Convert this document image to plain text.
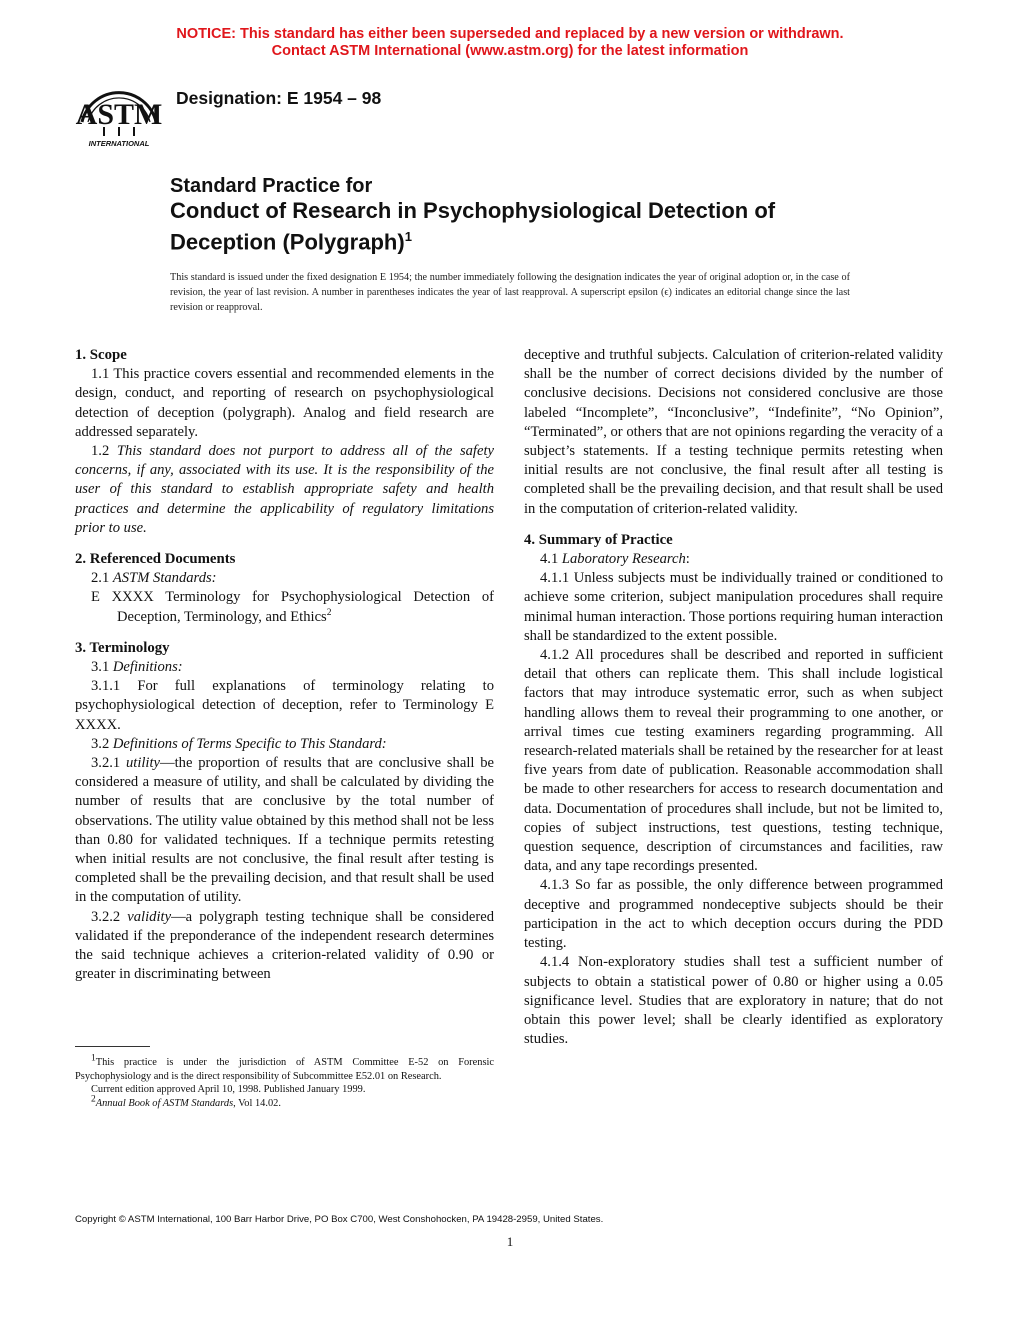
NOTICE: This standard has either been superseded and replaced by a new version or withdrawn.
Contact ASTM International (www.astm.org) for the latest information
ASTM
INTERNATIONAL
Designation: E 1954 – 98
Standard Practice for
Conduct of Research in Psychophysiological Detection of
Deception (Polygraph)$^1$
This standard is issued under the fixed designation E 1954; the number immediately following the designation indicates the year of original adoption or, in the case of revision, the year of last revision. A number in parentheses indicates the year of last reapproval. A superscript epsilon (ϵ) indicates an editorial change since the last revision or reapproval.
1. Scope

1.1 This practice covers essential and recommended elements in the design, conduct, and reporting of research on psychophysiological detection of deception (polygraph). Analog and field research are addressed separately.

1.2 This standard does not purport to address all of the safety concerns, if any, associated with its use. It is the responsibility of the user of this standard to establish appropriate safety and health practices and determine the applicability of regulatory limitations prior to use.

2. Referenced Documents

2.1 ASTM Standards:

E XXXX Terminology for Psychophysiological Detection of Deception, Terminology, and Ethics$^2$

3. Terminology

3.1 Definitions:

3.1.1 For full explanations of terminology relating to psychophysiological detection of deception, refer to Terminology E XXXX.

3.2 Definitions of Terms Specific to This Standard:

3.2.1 utility—the proportion of results that are conclusive shall be considered a measure of utility, and shall be calculated by dividing the number of results that are conclusive by the total number of observations. The utility value obtained by this method shall not be less than 0.80 for validated techniques. If a technique permits retesting when initial results are not conclusive, the final result after testing is completed shall be the prevailing decision, and that result shall be used in the computation of utility.

3.2.2 validity—a polygraph testing technique shall be considered validated if the preponderance of the independent research determines the said technique achieves a criterion-related validity of 0.90 or greater in discriminating between

deceptive and truthful subjects. Calculation of criterion-related validity shall be the number of correct decisions divided by the number of conclusive decisions. Decisions not considered conclusive are those labeled “Incomplete”, “Inconclusive”, “Indefinite”, “No Opinion”, “Terminated”, or others that are not opinions regarding the veracity of a subject’s statements. If a testing technique permits retesting when initial results are not conclusive, the final result after all testing is completed shall be the prevailing decision, and that result shall be used in the computation of criterion-related validity.

4. Summary of Practice

4.1 Laboratory Research:

4.1.1 Unless subjects must be individually trained or conditioned to achieve some criterion, subject manipulation procedures shall require minimal human interaction. Those portions requiring human interaction shall be standardized to the extent possible.

4.1.2 All procedures shall be described and reported in sufficient detail that others can replicate them. This shall include logistical factors that may introduce systematic error, such as when subject handling allows them to reveal their programming to one another, or arrival times cue testing examiners regarding programming. All research-related materials shall be retained by the researcher for at least five years from date of publication. Reasonable accommodation shall be made to other researchers for access to research documentation and data. Documentation of procedures shall include, but not be limited to, copies of subject instructions, test questions, testing technique, question sequence, description of circumstances and facilities, raw data, and any tape recordings presented.

4.1.3 So far as possible, the only difference between programmed deceptive and programmed nondeceptive subjects should be their participation in the act to which deception occurs during the PDD testing.

4.1.4 Non-exploratory studies shall test a sufficient number of subjects to obtain a statistical power of 0.80 or higher using a 0.05 significance level. Studies that are exploratory in nature; that do not obtain this power level; shall be clearly identified as exploratory studies.

$^1$This practice is under the jurisdiction of ASTM Committee E-52 on Forensic Psychophysiology and is the direct responsibility of Subcommittee E52.01 on Research.

Current edition approved April 10, 1998. Published January 1999.

$^2$Annual Book of ASTM Standards, Vol 14.02.

Copyright © ASTM International, 100 Barr Harbor Drive, PO Box C700, West Conshohocken, PA 19428-2959, United States.
1
